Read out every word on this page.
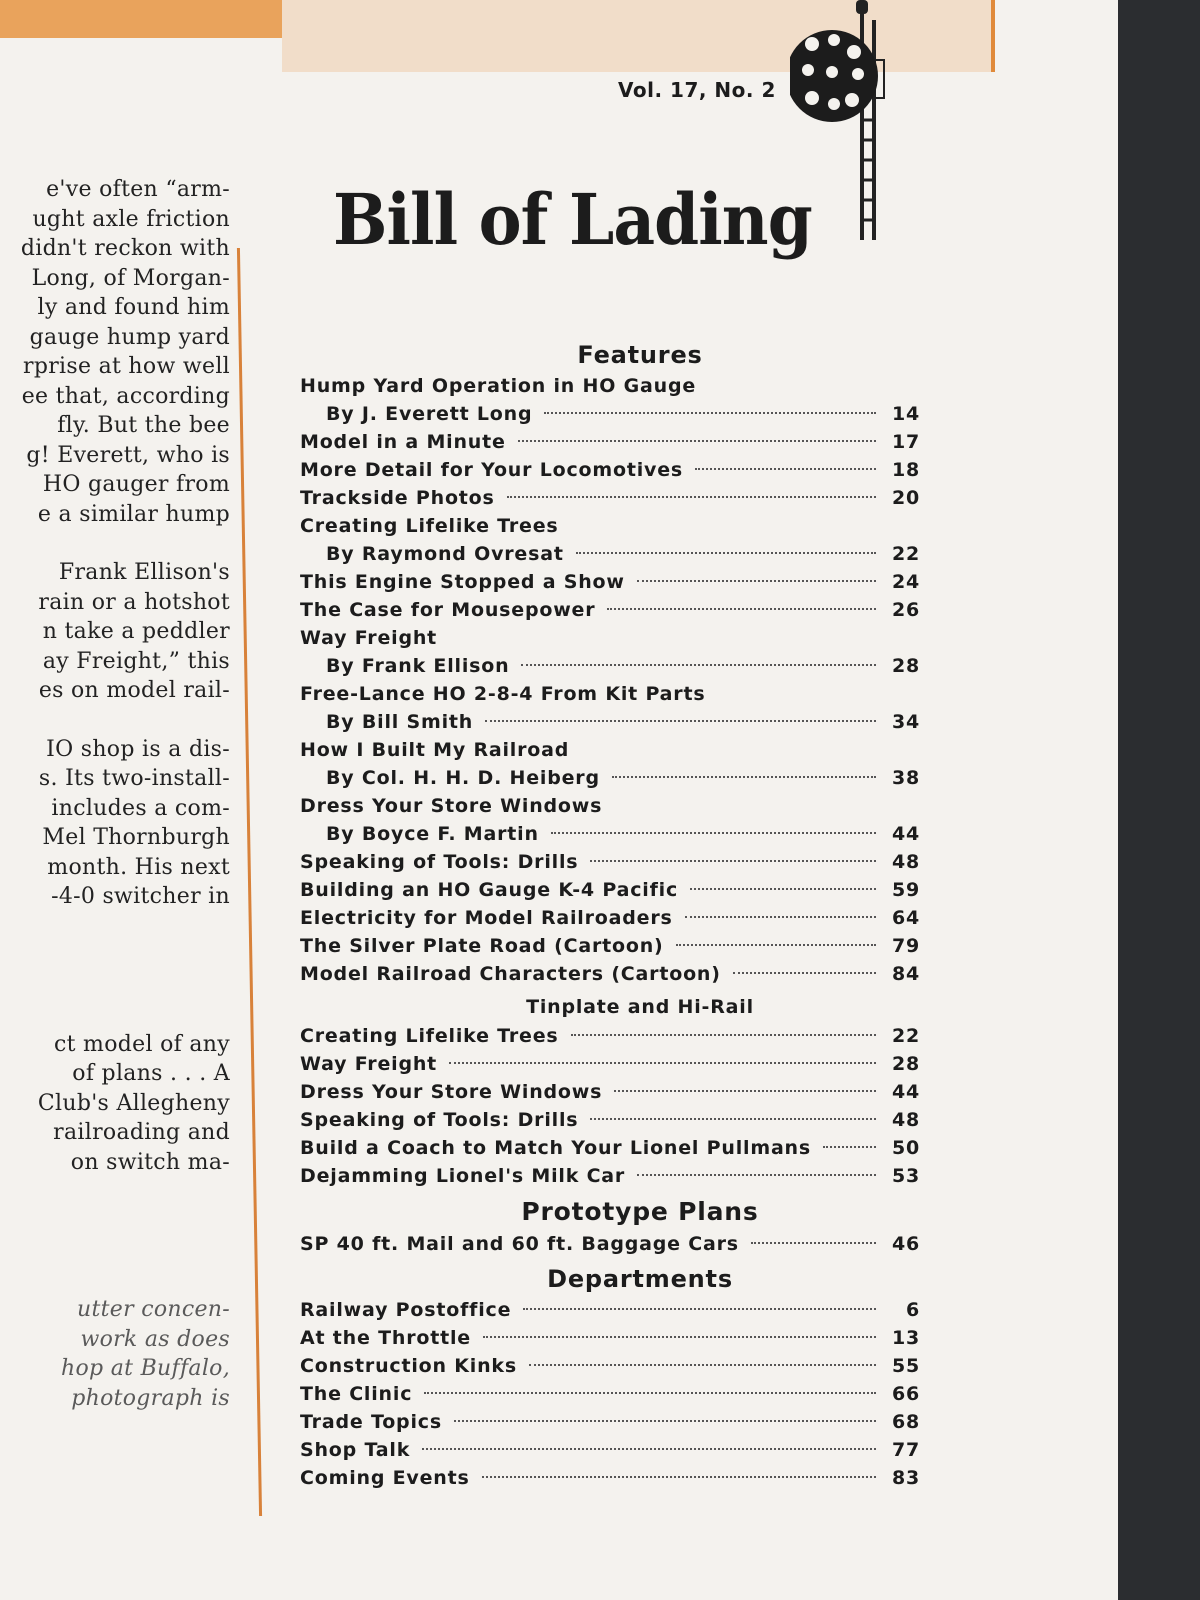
e've often “arm-
ught axle friction
didn't reckon with
Long, of Morgan-
ly and found him
gauge hump yard
rprise at how well
ee that, according
fly. But the bee
g! Everett, who is
HO gauger from
e a similar hump
Frank Ellison's
rain or a hotshot
n take a peddler
ay Freight,” this
es on model rail-
IO shop is a dis-
s. Its two-install-
includes a com-
Mel Thornburgh
month. His next
-4-0 switcher in
ct model of any
of plans . . . A
Club's Allegheny
railroading and
on switch ma-
utter concen-
work as does
hop at Buffalo,
photograph is
Vol. 17, No. 2
Bill of Lading
Features
Hump Yard Operation in HO Gauge
By J. Everett Long	14
Model in a Minute	17
More Detail for Your Locomotives	18
Trackside Photos	20
Creating Lifelike Trees
By Raymond Ovresat	22
This Engine Stopped a Show	24
The Case for Mousepower	26
Way Freight
By Frank Ellison	28
Free-Lance HO 2-8-4 From Kit Parts
By Bill Smith	34
How I Built My Railroad
By Col. H. H. D. Heiberg	38
Dress Your Store Windows
By Boyce F. Martin	44
Speaking of Tools: Drills	48
Building an HO Gauge K-4 Pacific	59
Electricity for Model Railroaders	64
The Silver Plate Road (Cartoon)	79
Model Railroad Characters (Cartoon)	84
Tinplate and Hi-Rail
Creating Lifelike Trees	22
Way Freight	28
Dress Your Store Windows	44
Speaking of Tools: Drills	48
Build a Coach to Match Your Lionel Pullmans	50
Dejamming Lionel's Milk Car	53
Prototype Plans
SP 40 ft. Mail and 60 ft. Baggage Cars	46
Departments
Railway Postoffice	6
At the Throttle	13
Construction Kinks	55
The Clinic	66
Trade Topics	68
Shop Talk	77
Coming Events	83
